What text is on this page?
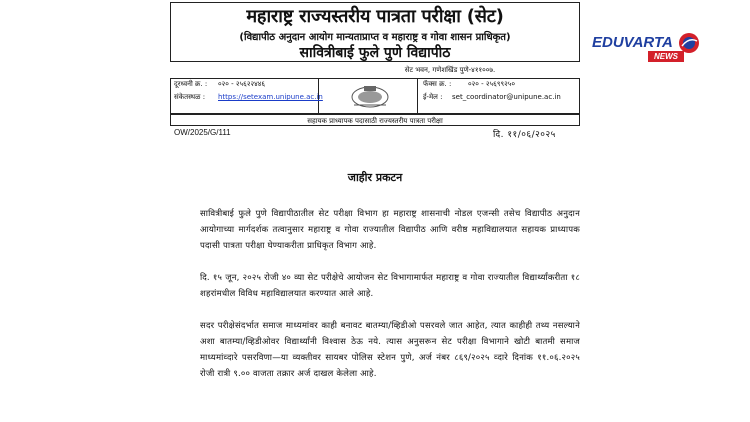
महाराष्ट्र राज्यस्तरीय पात्रता परीक्षा (सेट)
(विद्यापीठ अनुदान आयोग मान्यताप्राप्त व महाराष्ट्र व गोवा शासन प्राधिकृत)
सावित्रीबाई फुले पुणे विद्यापीठ
सेट भवन, गणेशखिंड पुणे-४११००७.
दूरध्वनी क्र. : ०२० - २५६२२४४६
संकेतस्थळ : https://setexam.unipune.ac.in
फॅक्स क्र. : ०२० - २५६९९२५०
ई-मेल : set_coordinator@unipune.ac.in
सहायक प्राध्यापक पदासाठी राज्यस्तरीय पात्रता परीक्षा
OW/2025/G/111	दि. ११/०६/२०२५
जाहीर प्रकटन
सावित्रीबाई फुले पुणे विद्यापीठातील सेट परीक्षा विभाग हा महाराष्ट्र शासनाची नोडल एजन्सी तसेच विद्यापीठ अनुदान आयोगाच्या मार्गदर्शक तत्वानुसार महाराष्ट्र व गोवा राज्यातील विद्यापीठ आणि वरीष्ठ महाविद्यालयात सहायक प्राध्यापक पदासी पात्रता परीक्षा घेण्याकरीता प्राधिकृत विभाग आहे.
दि. १५ जून, २०२५ रोजी ४० व्या सेट परीक्षेचे आयोजन सेट विभागामार्फत महाराष्ट्र व गोवा राज्यातील विद्यार्थ्यांकरीता १८ शहरांमधील विविध महाविद्यालयात करण्यात आले आहे.
सदर परीक्षेसंदर्भात समाज माध्यमांवर काही बनावट बातम्या/व्हिडीओ पसरवले जात आहेत, त्यात काहीही तथ्य नसल्याने अशा बातम्या/व्हिडीओवर विद्यार्थ्यांनी विश्वास ठेऊ नये. त्यास अनुसरून सेट परीक्षा विभागाने खोटी बातमी समाज माध्यमांव्दारे पसरविणा—या व्यक्तीवर सायबर पोलिस स्टेशन पुणे, अर्ज नंबर ८६९/२०२५ व्दारे दिनांक ११.०६.२०२५ रोजी रात्री ९.०० वाजता तक्रार अर्ज दाखल केलेला आहे.
EDUVARTA
NEWS
